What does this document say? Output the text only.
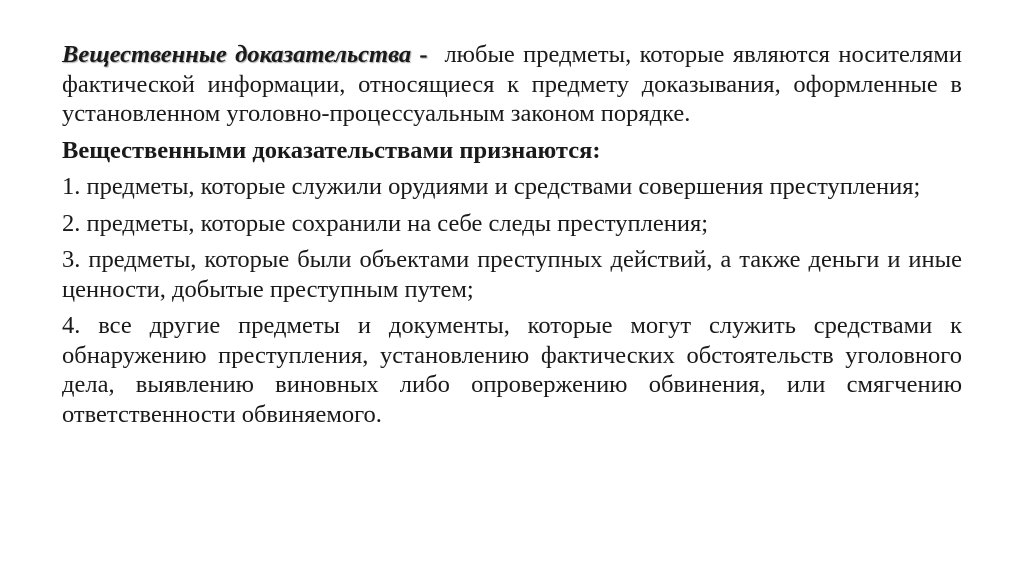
Вещественные доказательства - любые предметы, которые являются носителями фактической информации, относящиеся к предмету доказывания, оформленные в установленном уголовно-процессуальным законом порядке.

Вещественными доказательствами признаются:

1. предметы, которые служили орудиями и средствами совершения преступления;

2. предметы, которые сохранили на себе следы преступления;

3. предметы, которые были объектами преступных действий, а также деньги и иные ценности, добытые преступным путем;

4. все другие предметы и документы, которые могут служить средствами к обнаружению преступления, установлению фактических обстоятельств уголовного дела, выявлению виновных либо опровержению обвинения, или смягчению ответственности обвиняемого.
